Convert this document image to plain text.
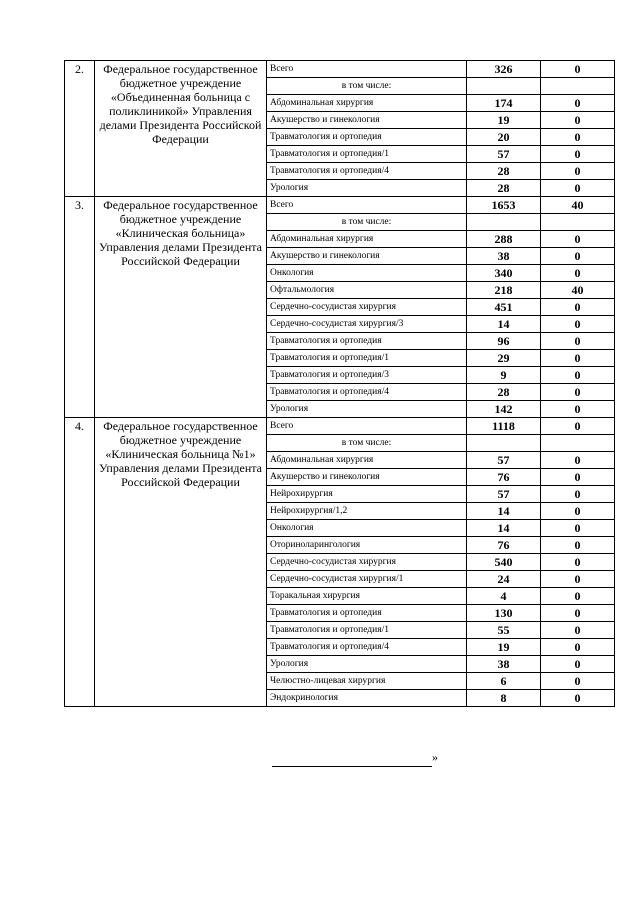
2.	Федеральное государственное бюджетное учреждение «Объединенная больница с поликлиникой» Управления делами Президента Российской Федерации	Всего	326	0
		в том числе:		
		Абдоминальная хирургия	174	0
		Акушерство и гинекология	19	0
		Травматология и ортопедия	20	0
		Травматология и ортопедия/1	57	0
		Травматология и ортопедия/4	28	0
		Урология	28	0
3.	Федеральное государственное бюджетное учреждение «Клиническая больница» Управления делами Президента Российской Федерации	Всего	1653	40
		в том числе:		
		Абдоминальная хирургия	288	0
		Акушерство и гинекология	38	0
		Онкология	340	0
		Офтальмология	218	40
		Сердечно-сосудистая хирургия	451	0
		Сердечно-сосудистая хирургия/3	14	0
		Травматология и ортопедия	96	0
		Травматология и ортопедия/1	29	0
		Травматология и ортопедия/3	9	0
		Травматология и ортопедия/4	28	0
		Урология	142	0
4.	Федеральное государственное бюджетное учреждение «Клиническая больница №1» Управления делами Президента Российской Федерации	Всего	1118	0
		в том числе:		
		Абдоминальная хирургия	57	0
		Акушерство и гинекология	76	0
		Нейрохирургия	57	0
		Нейрохирургия/1,2	14	0
		Онкология	14	0
		Оториноларингология	76	0
		Сердечно-сосудистая хирургия	540	0
		Сердечно-сосудистая хирургия/1	24	0
		Торакальная хирургия	4	0
		Травматология и ортопедия	130	0
		Травматология и ортопедия/1	55	0
		Травматология и ортопедия/4	19	0
		Урология	38	0
		Челюстно-лицевая хирургия	6	0
		Эндокринология	8	0
»
